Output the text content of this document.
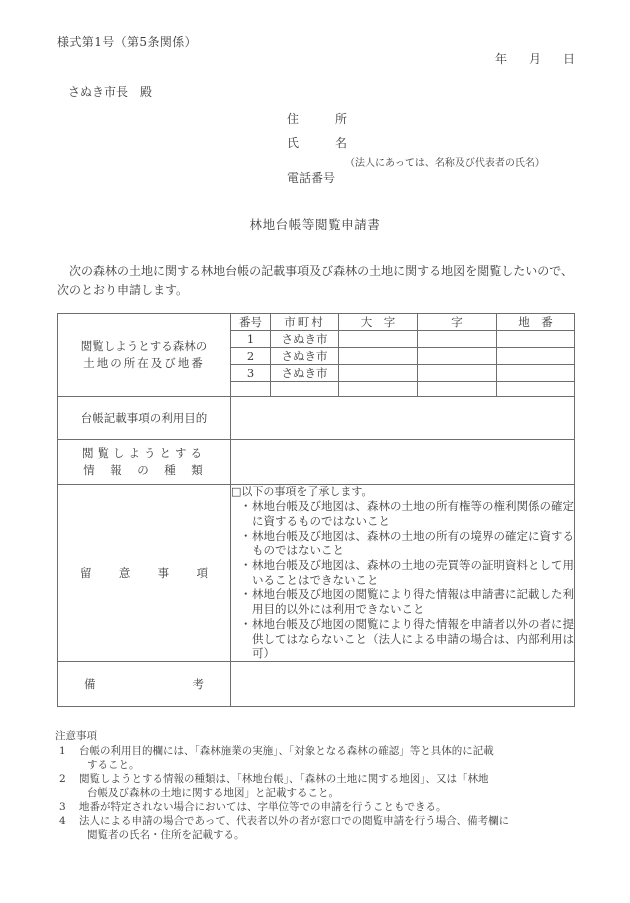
様式第1号（第5条関係）
年 月 日
さぬき市長　殿
住　　　所
氏　　　名
（法人にあっては、名称及び代表者の氏名）
電話番号
林地台帳等閲覧申請書
次の森林の土地に関する林地台帳の記載事項及び森林の土地に関する地図を閲覧したいので、次のとおり申請します。
閲覧しようとする森林の
土地の所在及び地番	番号	市町村	大　字	字	地　番
	1	さぬき市			
	2	さぬき市			
	3	さぬき市			

台帳記載事項の利用目的					

閲覧しようとする
情　報　の　種　類					

留 意 事 項

□以下の事項を了承します。
・ 林地台帳及び地図は、森林の土地の所有権等の権利関係の確定に資するものではないこと
・ 林地台帳及び地図は、森林の土地の所有の境界の確定に資するものではないこと
・ 林地台帳及び地図は、森林の土地の売買等の証明資料として用いることはできないこと
・ 林地台帳及び地図の閲覧により得た情報は申請書に記載した利用目的以外には利用できないこと
・ 林地台帳及び地図の閲覧により得た情報を申請者以外の者に提供してはならないこと（法人による申請の場合は、内部利用は可）

備 考					

注意事項
1	台帳の利用目的欄には、「森林施業の実施」、「対象となる森林の確認」等と具体的に記載
すること。
2	閲覧しようとする情報の種類は、「林地台帳」、「森林の土地に関する地図」、又は「林地
台帳及び森林の土地に関する地図」と記載すること。
3	地番が特定されない場合においては、字単位等での申請を行うこともできる。
4	法人による申請の場合であって、代表者以外の者が窓口での閲覧申請を行う場合、備考欄に
閲覧者の氏名・住所を記載する。
